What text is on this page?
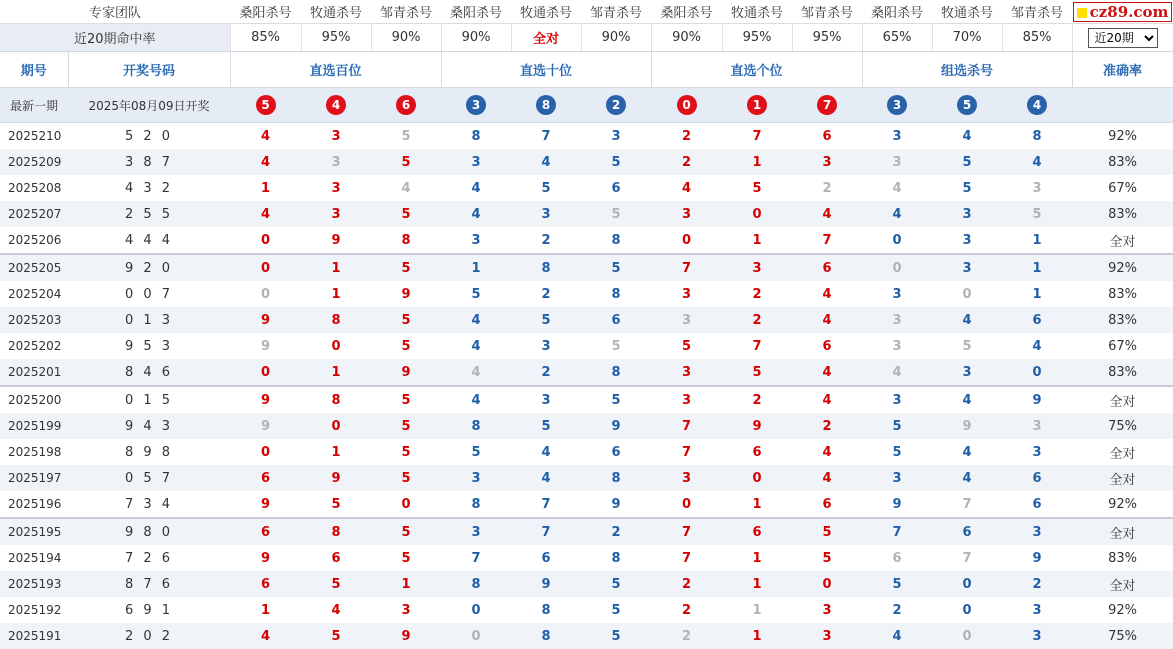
专家团队		桑阳杀号	牧通杀号	邹青杀号	桑阳杀号	牧通杀号	邹青杀号	桑阳杀号	牧通杀号	邹青杀号	桑阳杀号	牧通杀号	邹青杀号	cz89.com
近20期命中率		85%	95%	90%	90%	全对	90%	90%	95%	95%	65%	70%	85%	
近20期
期号	开奖号码	直选百位			直选十位			直选个位			组选杀号			准确率
最新一期	2025年08月09日开奖	5	4	6	3	8	2	0	1	7	3	5	4	
2025210	5 2 0	4	3	5	8	7	3	2	7	6	3	4	8	92%
2025209	3 8 7	4	3	5	3	4	5	2	1	3	3	5	4	83%
2025208	4 3 2	1	3	4	4	5	6	4	5	2	4	5	3	67%
2025207	2 5 5	4	3	5	4	3	5	3	0	4	4	3	5	83%
2025206	4 4 4	0	9	8	3	2	8	0	1	7	0	3	1	全对
2025205	9 2 0	0	1	5	1	8	5	7	3	6	0	3	1	92%
2025204	0 0 7	0	1	9	5	2	8	3	2	4	3	0	1	83%
2025203	0 1 3	9	8	5	4	5	6	3	2	4	3	4	6	83%
2025202	9 5 3	9	0	5	4	3	5	5	7	6	3	5	4	67%
2025201	8 4 6	0	1	9	4	2	8	3	5	4	4	3	0	83%
2025200	0 1 5	9	8	5	4	3	5	3	2	4	3	4	9	全对
2025199	9 4 3	9	0	5	8	5	9	7	9	2	5	9	3	75%
2025198	8 9 8	0	1	5	5	4	6	7	6	4	5	4	3	全对
2025197	0 5 7	6	9	5	3	4	8	3	0	4	3	4	6	全对
2025196	7 3 4	9	5	0	8	7	9	0	1	6	9	7	6	92%
2025195	9 8 0	6	8	5	3	7	2	7	6	5	7	6	3	全对
2025194	7 2 6	9	6	5	7	6	8	7	1	5	6	7	9	83%
2025193	8 7 6	6	5	1	8	9	5	2	1	0	5	0	2	全对
2025192	6 9 1	1	4	3	0	8	5	2	1	3	2	0	3	92%
2025191	2 0 2	4	5	9	0	8	5	2	1	3	4	0	3	75%
